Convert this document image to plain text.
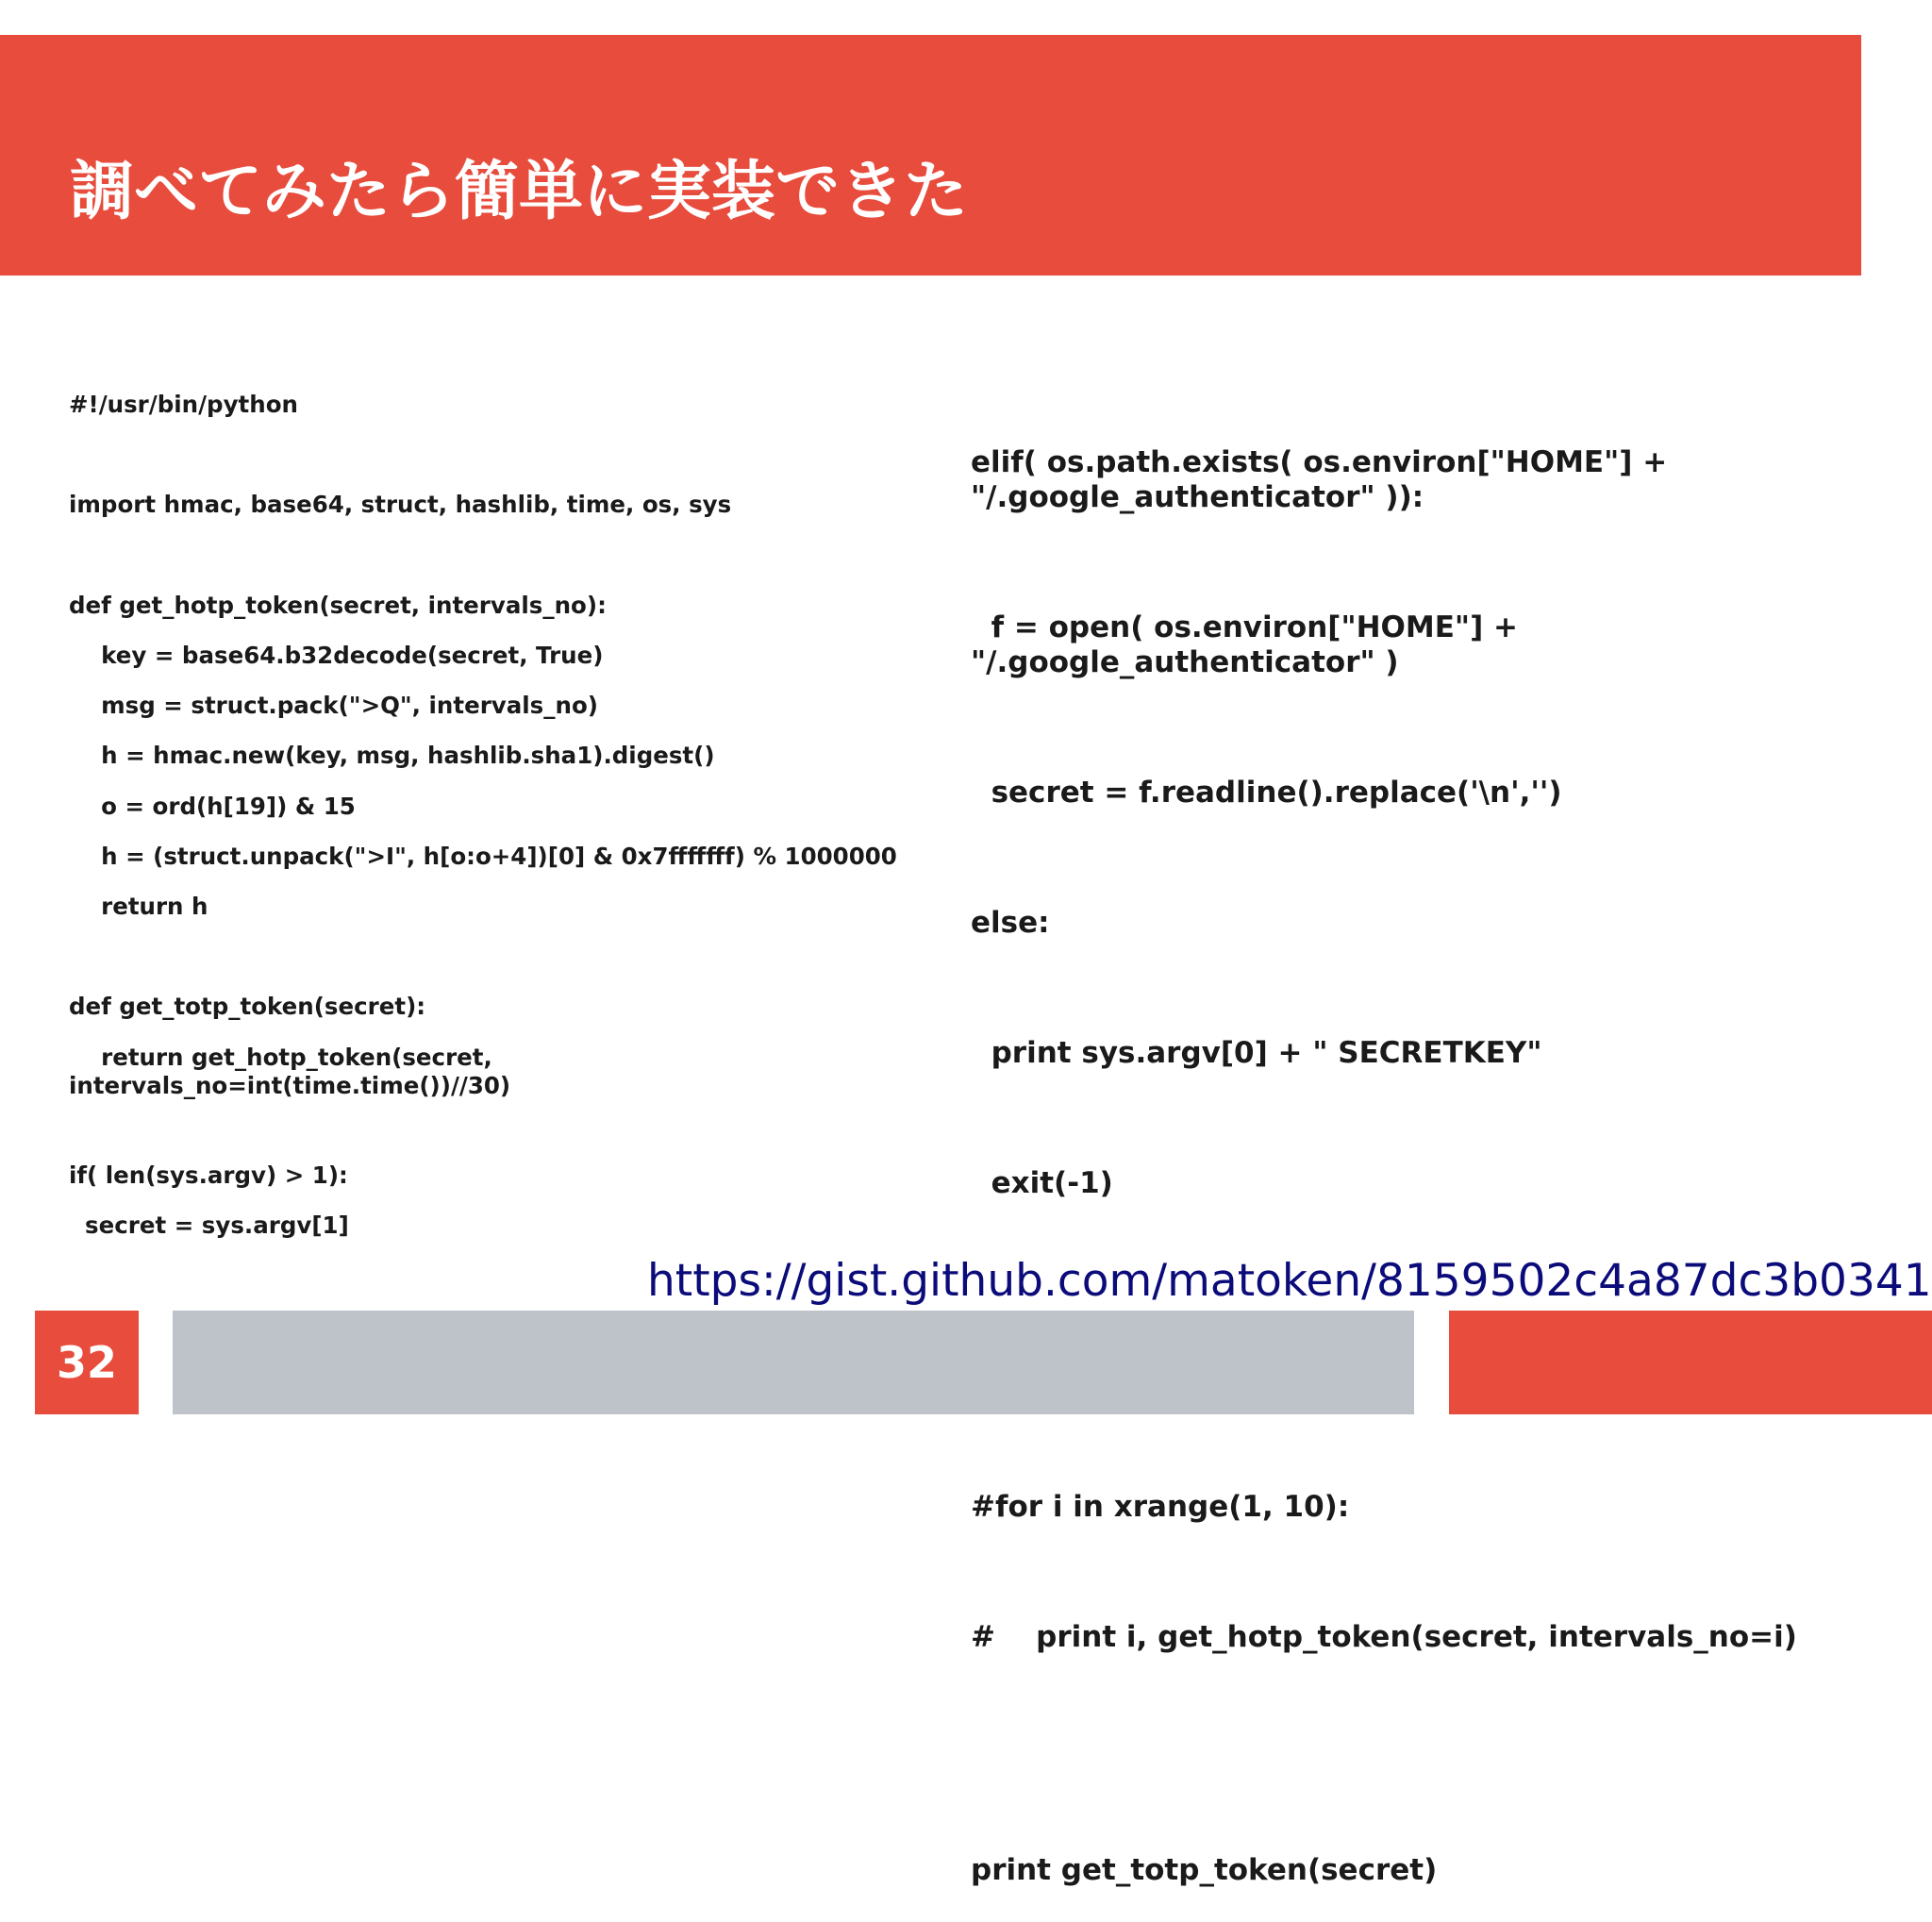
調べてみたら簡単に実装できた
#!/usr/bin/python

import hmac, base64, struct, hashlib, time, os, sys

def get_hotp_token(secret, intervals_no):
key = base64.b32decode(secret, True)
msg = struct.pack(">Q", intervals_no)
h = hmac.new(key, msg, hashlib.sha1).digest()
o = ord(h[19]) & 15
h = (struct.unpack(">I", h[o:o+4])[0] & 0x7fffffff) % 1000000
return h

def get_totp_token(secret):
return get_hotp_token(secret,
intervals_no=int(time.time())//30)

if( len(sys.argv) > 1):
secret = sys.argv[1]

elif( os.path.exists( os.environ["HOME"] +
"/.google_authenticator" )):

f = open( os.environ["HOME"] +
"/.google_authenticator" )

secret = f.readline().replace('\n','')

else:

print sys.argv[0] + " SECRETKEY"

exit(-1)

#for i in xrange(1, 10):

#    print i, get_hotp_token(secret, intervals_no=i)

print get_totp_token(secret)

https://gist.github.com/matoken/8159502c4a87dc3b0341
32
